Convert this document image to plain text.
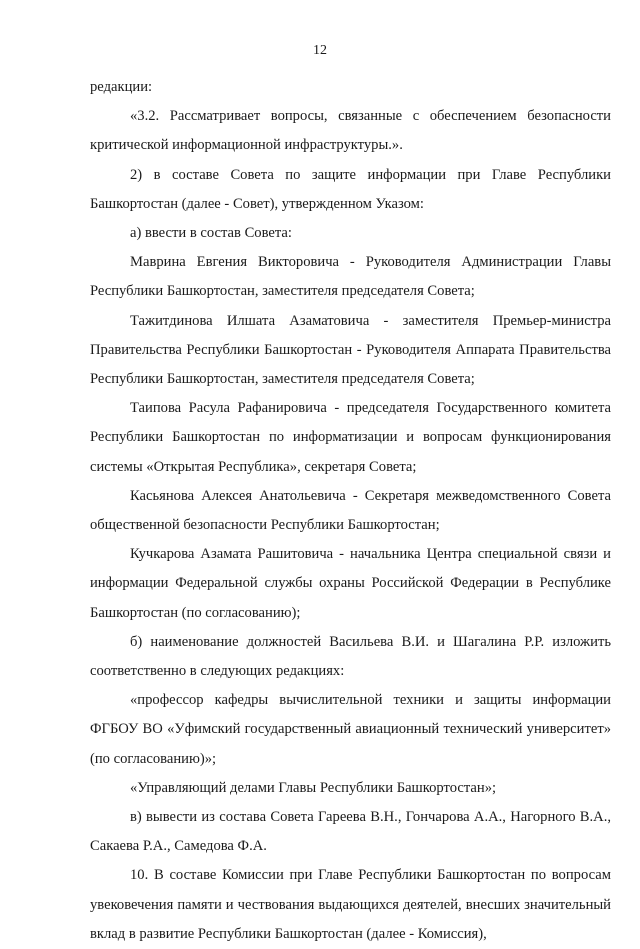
12

редакции:

«3.2. Рассматривает вопросы, связанные с обеспечением безопасности критической информационной инфраструктуры.».

2) в составе Совета по защите информации при Главе Республики Башкортостан (далее - Совет), утвержденном Указом:

а) ввести в состав Совета:

Маврина Евгения Викторовича - Руководителя Администрации Главы Республики Башкортостан, заместителя председателя Совета;

Тажитдинова Илшата Азаматовича - заместителя Премьер-министра Правительства Республики Башкортостан - Руководителя Аппарата Правительства Республики Башкортостан, заместителя председателя Совета;

Таипова Расула Рафанировича - председателя Государственного комитета Республики Башкортостан по информатизации и вопросам функционирования системы «Открытая Республика», секретаря Совета;

Касьянова Алексея Анатольевича - Секретаря межведомственного Совета общественной безопасности Республики Башкортостан;

Кучкарова Азамата Рашитовича - начальника Центра специальной связи и информации Федеральной службы охраны Российской Федерации в Республике Башкортостан (по согласованию);

б) наименование должностей Васильева В.И. и Шагалина Р.Р. изложить соответственно в следующих редакциях:

«профессор кафедры вычислительной техники и защиты информации ФГБОУ ВО «Уфимский государственный авиационный технический университет» (по согласованию)»;

«Управляющий делами Главы Республики Башкортостан»;

в) вывести из состава Совета Гареева В.Н., Гончарова А.А., Нагорного В.А., Сакаева Р.А., Самедова Ф.А.

10. В составе Комиссии при Главе Республики Башкортостан по вопросам увековечения памяти и чествования выдающихся деятелей, внесших значительный вклад в развитие Республики Башкортостан (далее - Комиссия),
